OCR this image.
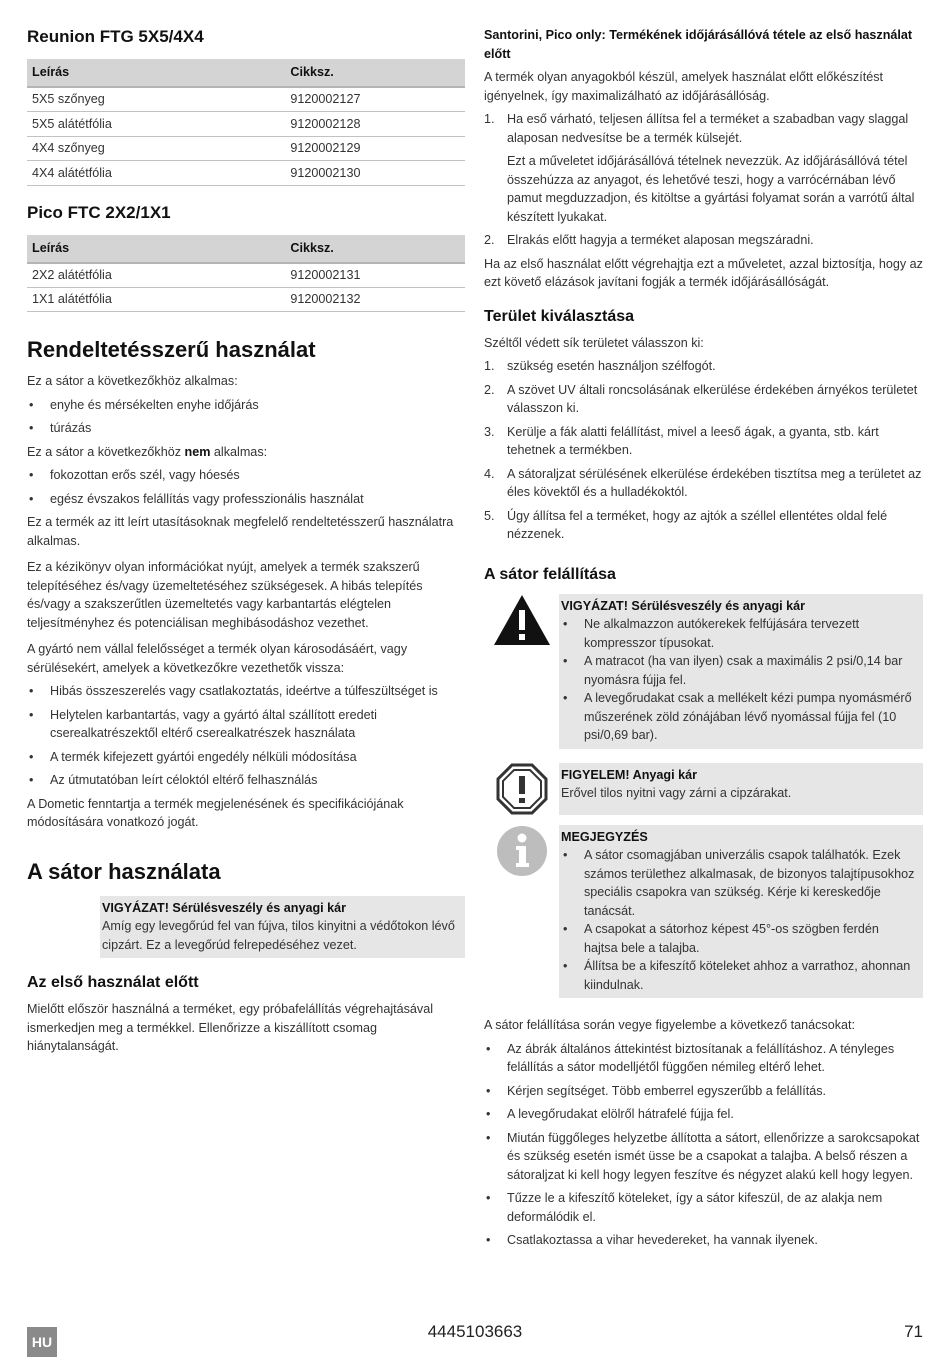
Reunion FTG 5X5/4X4
Leírás	Cikksz.
5X5 szőnyeg	9120002127
5X5 alátétfólia	9120002128
4X4 szőnyeg	9120002129
4X4 alátétfólia	9120002130
Pico FTC 2X2/1X1
Leírás	Cikksz.
2X2 alátétfólia	9120002131
1X1 alátétfólia	9120002132
Rendeltetésszerű használat

Ez a sátor a következőkhöz alkalmas:

• enyhe és mérsékelten enyhe időjárás
• túrázás

Ez a sátor a következőkhöz nem alkalmas:

• fokozottan erős szél, vagy hóesés
• egész évszakos felállítás vagy professzionális használat

Ez a termék az itt leírt utasításoknak megfelelő rendeltetésszerű használatra alkalmas.

Ez a kézikönyv olyan információkat nyújt, amelyek a termék szakszerű telepítéséhez és/vagy üzemeltetéséhez szükségesek. A hibás telepítés és/vagy a szakszerűtlen üzemeltetés vagy karbantartás elégtelen teljesítményhez és potenciálisan meghibásodáshoz vezethet.

A gyártó nem vállal felelősséget a termék olyan károsodásáért, vagy sérülésekért, amelyek a következőkre vezethetők vissza:

• Hibás összeszerelés vagy csatlakoztatás, ideértve a túlfeszültséget is
• Helytelen karbantartás, vagy a gyártó által szállított eredeti cserealkatrészektől eltérő cserealkatrészek használata
• A termék kifejezett gyártói engedély nélküli módosítása
• Az útmutatóban leírt céloktól eltérő felhasználás

A Dometic fenntartja a termék megjelenésének és specifikációjának módosítására vonatkozó jogát.

A sátor használata
VIGYÁZAT! Sérülésveszély és anyagi kár
Amíg egy levegőrúd fel van fújva, tilos kinyitni a védőtokon lévő cipzárt. Ez a levegőrúd felrepedéséhez vezet.
Az első használat előtt

Mielőtt először használná a terméket, egy próbafelállítás végrehajtásával ismerkedjen meg a termékkel. Ellenőrizze a kiszállított csomag hiánytalanságát.

Santorini, Pico only: Termékének időjárásállóvá tétele az első használat előtt

A termék olyan anyagokból készül, amelyek használat előtt előkészítést igényelnek, így maximalizálható az időjárásállóság.

1. Ha eső várható, teljesen állítsa fel a terméket a szabadban vagy slaggal alaposan nedvesítse be a termék külsejét.
Ezt a műveletet időjárásállóvá tételnek nevezzük. Az időjárásállóvá tétel összehúzza az anyagot, és lehetővé teszi, hogy a varrócérnában lévő pamut megduzzadjon, és kitöltse a gyártási folyamat során a varrótű által készített lyukakat.
2. Elrakás előtt hagyja a terméket alaposan megszáradni.

Ha az első használat előtt végrehajtja ezt a műveletet, azzal biztosítja, hogy az ezt követő elázások javítani fogják a termék időjárásállóságát.

Terület kiválasztása

Széltől védett sík területet válasszon ki:

1. szükség esetén használjon szélfogót.
2. A szövet UV általi roncsolásának elkerülése érdekében árnyékos területet válasszon ki.
3. Kerülje a fák alatti felállítást, mivel a leeső ágak, a gyanta, stb. kárt tehetnek a termékben.
4. A sátoraljzat sérülésének elkerülése érdekében tisztítsa meg a területet az éles kövektől és a hulladékoktól.
5. Úgy állítsa fel a terméket, hogy az ajtók a széllel ellentétes oldal felé nézzenek.
A sátor felállítása
VIGYÁZAT! Sérülésveszély és anyagi kár
• Ne alkalmazzon autókerekek felfújására tervezett kompresszor típusokat.
• A matracot (ha van ilyen) csak a maximális 2 psi/0,14 bar nyomásra fújja fel.
• A levegőrudakat csak a mellékelt kézi pumpa nyomásmérő műszerének zöld zónájában lévő nyomással fújja fel (10 psi/0,69 bar).
FIGYELEM! Anyagi kár
Erővel tilos nyitni vagy zárni a cipzárakat.
MEGJEGYZÉS
• A sátor csomagjában univerzális csapok találhatók. Ezek számos területhez alkalmasak, de bizonyos talajtípusokhoz speciális csapokra van szükség. Kérje ki kereskedője tanácsát.
• A csapokat a sátorhoz képest 45°-os szögben ferdén hajtsa bele a talajba.
• Állítsa be a kifeszítő köteleket ahhoz a varrathoz, ahonnan kiindulnak.

A sátor felállítása során vegye figyelembe a következő tanácsokat:

• Az ábrák általános áttekintést biztosítanak a felállításhoz. A tényleges felállítás a sátor modelljétől függően némileg eltérő lehet.
• Kérjen segítséget. Több emberrel egyszerűbb a felállítás.
• A levegőrudakat elölről hátrafelé fújja fel.
• Miután függőleges helyzetbe állította a sátort, ellenőrizze a sarokcsapokat és szükség esetén ismét üsse be a csapokat a talajba. A belső részen a sátoraljzat ki kell hogy legyen feszítve és négyzet alakú kell hogy legyen.
• Tűzze le a kifeszítő köteleket, így a sátor kifeszül, de az alakja nem deformálódik el.
• Csatlakoztassa a vihar hevedereket, ha vannak ilyenek.
HU
4445103663	71
